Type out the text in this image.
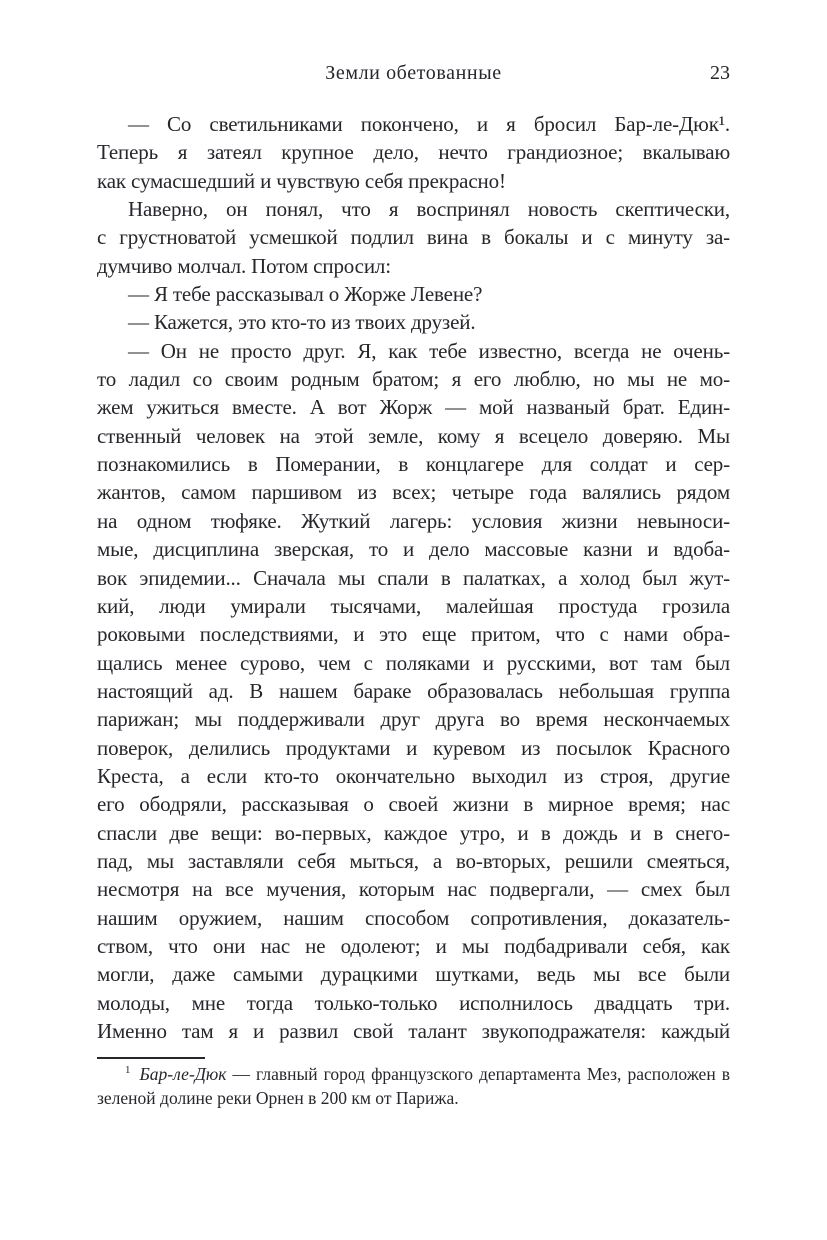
Земли обетованные	23
— Со светильниками покончено, и я бросил Бар-ле-Дюк¹.
Теперь я затеял крупное дело, нечто грандиозное; вкалываю
как сумасшедший и чувствую себя прекрасно!
Наверно, он понял, что я воспринял новость скептически,
с грустноватой усмешкой подлил вина в бокалы и с минуту за-
думчиво молчал. Потом спросил:
— Я тебе рассказывал о Жорже Левене?
— Кажется, это кто-то из твоих друзей.
— Он не просто друг. Я, как тебе известно, всегда не очень-
то ладил со своим родным братом; я его люблю, но мы не мо-
жем ужиться вместе. А вот Жорж — мой названый брат. Един-
ственный человек на этой земле, кому я всецело доверяю. Мы
познакомились в Померании, в концлагере для солдат и сер-
жантов, самом паршивом из всех; четыре года валялись рядом
на одном тюфяке. Жуткий лагерь: условия жизни невыноси-
мые, дисциплина зверская, то и дело массовые казни и вдоба-
вок эпидемии... Сначала мы спали в палатках, а холод был жут-
кий, люди умирали тысячами, малейшая простуда грозила
роковыми последствиями, и это еще притом, что с нами обра-
щались менее сурово, чем с поляками и русскими, вот там был
настоящий ад. В нашем бараке образовалась небольшая группа
парижан; мы поддерживали друг друга во время нескончаемых
поверок, делились продуктами и куревом из посылок Красного
Креста, а если кто-то окончательно выходил из строя, другие
его ободряли, рассказывая о своей жизни в мирное время; нас
спасли две вещи: во-первых, каждое утро, и в дождь и в снего-
пад, мы заставляли себя мыться, а во-вторых, решили смеяться,
несмотря на все мучения, которым нас подвергали, — смех был
нашим оружием, нашим способом сопротивления, доказатель-
ством, что они нас не одолеют; и мы подбадривали себя, как
могли, даже самыми дурацкими шутками, ведь мы все были
молоды, мне тогда только-только исполнилось двадцать три.
Именно там я и развил свой талант звукоподражателя: каждый

$^1$ Бар-ле-Дюк — главный город французского департамента Мез, расположен в зеленой долине реки Орнен в 200 км от Парижа.
